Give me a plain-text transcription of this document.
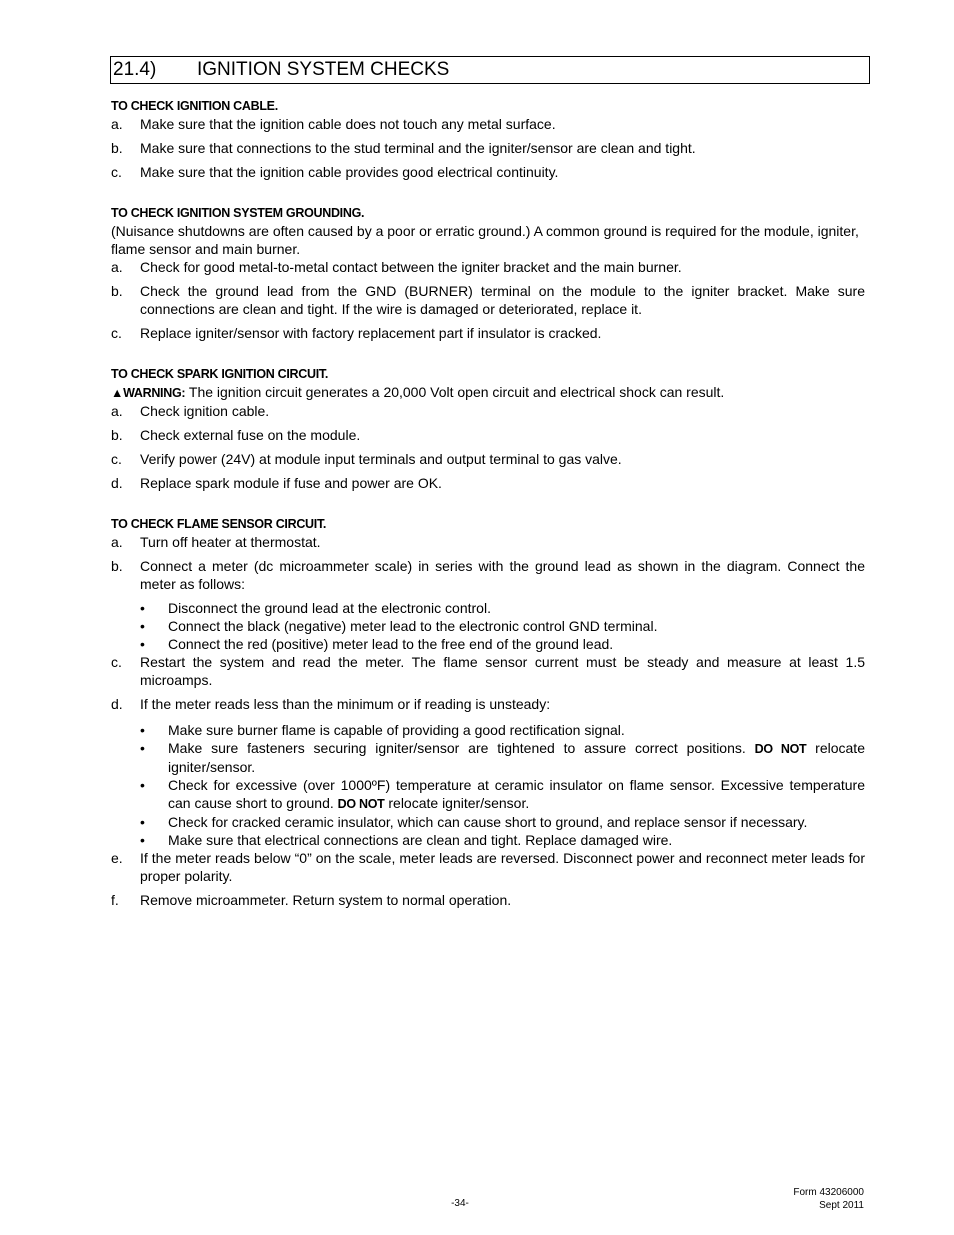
21.4) IGNITION SYSTEM CHECKS
TO CHECK IGNITION CABLE.
a.	Make sure that the ignition cable does not touch any metal surface.
b.	Make sure that connections to the stud terminal and the igniter/sensor are clean and tight.
c.	Make sure that the ignition cable provides good electrical continuity.
TO CHECK IGNITION SYSTEM GROUNDING.
(Nuisance shutdowns are often caused by a poor or erratic ground.) A common ground is required for the module, igniter, flame sensor and main burner.
a.	Check for good metal-to-metal contact between the igniter bracket and the main burner.
b.	Check the ground lead from the GND (BURNER) terminal on the module to the igniter bracket. Make sure connections are clean and tight. If the wire is damaged or deteriorated, replace it.
c.	Replace igniter/sensor with factory replacement part if insulator is cracked.
TO CHECK SPARK IGNITION CIRCUIT.
▲WARNING: The ignition circuit generates a 20,000 Volt open circuit and electrical shock can result.
a.	Check ignition cable.
b.	Check external fuse on the module.
c.	Verify power (24V) at module input terminals and output terminal to gas valve.
d.	Replace spark module if fuse and power are OK.
TO CHECK FLAME SENSOR CIRCUIT.
a.	Turn off heater at thermostat.
b.	Connect a meter (dc microammeter scale) in series with the ground lead as shown in the diagram. Connect the meter as follows:
•	Disconnect the ground lead at the electronic control.
•	Connect the black (negative) meter lead to the electronic control GND terminal.
•	Connect the red (positive) meter lead to the free end of the ground lead.
c.	Restart the system and read the meter. The flame sensor current must be steady and measure at least 1.5 microamps.
d.	If the meter reads less than the minimum or if reading is unsteady:
•	Make sure burner flame is capable of providing a good rectification signal.
•	Make sure fasteners securing igniter/sensor are tightened to assure correct positions. DO NOT relocate igniter/sensor.
•	Check for excessive (over 1000ºF) temperature at ceramic insulator on flame sensor. Excessive temperature can cause short to ground. DO NOT relocate igniter/sensor.
•	Check for cracked ceramic insulator, which can cause short to ground, and replace sensor if necessary.
•	Make sure that electrical connections are clean and tight. Replace damaged wire.
e.	If the meter reads below “0” on the scale, meter leads are reversed. Disconnect power and reconnect meter leads for proper polarity.
f.	Remove microammeter. Return system to normal operation.
-34-
Form 43206000
Sept 2011
